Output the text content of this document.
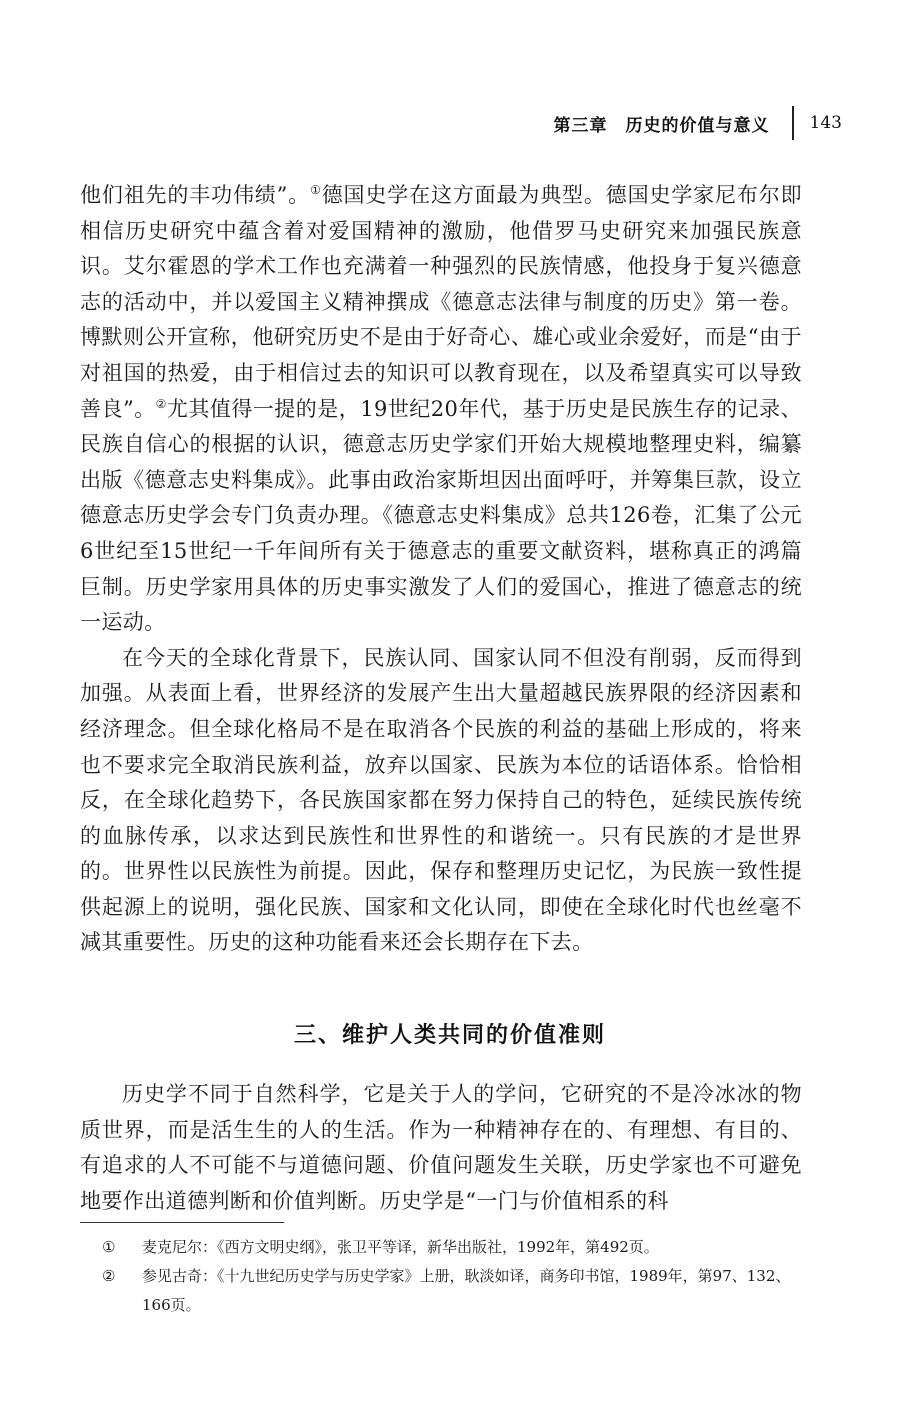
第三章　历史的价值与意义 143

他们祖先的丰功伟绩”。①德国史学在这方面最为典型。德国史学家尼布尔即相信历史研究中蕴含着对爱国精神的激励，他借罗马史研究来加强民族意识。艾尔霍恩的学术工作也充满着一种强烈的民族情感，他投身于复兴德意志的活动中，并以爱国主义精神撰成《德意志法律与制度的历史》第一卷。博默则公开宣称，他研究历史不是由于好奇心、雄心或业余爱好，而是“由于对祖国的热爱，由于相信过去的知识可以教育现在，以及希望真实可以导致善良”。②尤其值得一提的是，19世纪20年代，基于历史是民族生存的记录、民族自信心的根据的认识，德意志历史学家们开始大规模地整理史料，编纂出版《德意志史料集成》。此事由政治家斯坦因出面呼吁，并筹集巨款，设立德意志历史学会专门负责办理。《德意志史料集成》总共126卷，汇集了公元6世纪至15世纪一千年间所有关于德意志的重要文献资料，堪称真正的鸿篇巨制。历史学家用具体的历史事实激发了人们的爱国心，推进了德意志的统一运动。

在今天的全球化背景下，民族认同、国家认同不但没有削弱，反而得到加强。从表面上看，世界经济的发展产生出大量超越民族界限的经济因素和经济理念。但全球化格局不是在取消各个民族的利益的基础上形成的，将来也不要求完全取消民族利益，放弃以国家、民族为本位的话语体系。恰恰相反，在全球化趋势下，各民族国家都在努力保持自己的特色，延续民族传统的血脉传承，以求达到民族性和世界性的和谐统一。只有民族的才是世界的。世界性以民族性为前提。因此，保存和整理历史记忆，为民族一致性提供起源上的说明，强化民族、国家和文化认同，即使在全球化时代也丝毫不减其重要性。历史的这种功能看来还会长期存在下去。

三、维护人类共同的价值准则

历史学不同于自然科学，它是关于人的学问，它研究的不是冷冰冰的物质世界，而是活生生的人的生活。作为一种精神存在的、有理想、有目的、有追求的人不可能不与道德问题、价值问题发生关联，历史学家也不可避免地要作出道德判断和价值判断。历史学是“一门与价值相系的科

①	麦克尼尔：《西方文明史纲》，张卫平等译，新华出版社，1992年，第492页。
②	参见古奇：《十九世纪历史学与历史学家》上册，耿淡如译，商务印书馆，1989年，第97、132、166页。
